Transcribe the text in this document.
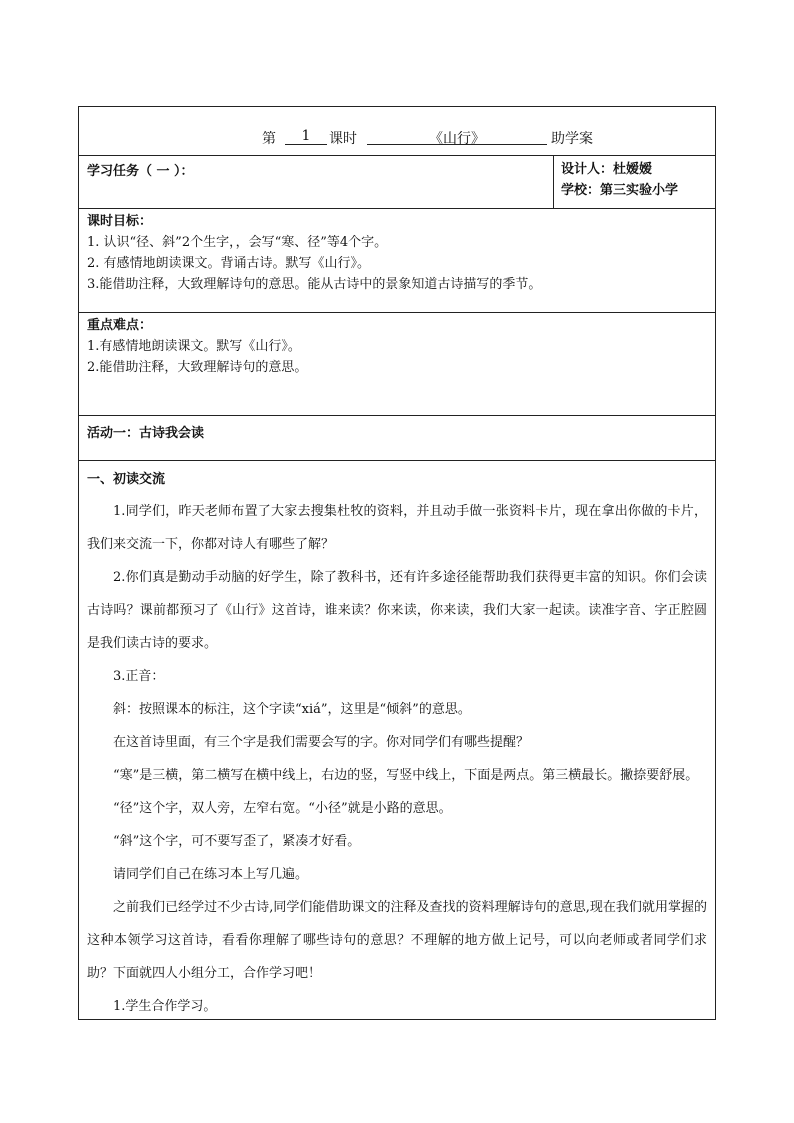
第	1	课时	《山行》	助学案
学习任务（ 一 ）：	设计人：杜嫒嫒
学校：第三实验小学
课时目标：
1. 认识“径、斜”2个生字，，会写“寒、径”等4个字。
2. 有感情地朗读课文。背诵古诗。默写《山行》。
3.能借助注释，大致理解诗句的意思。能从古诗中的景象知道古诗描写的季节。
重点难点：
1.有感情地朗读课文。默写《山行》。
2.能借助注释，大致理解诗句的意思。
活动一：古诗我会读
一、初读交流

1.同学们，昨天老师布置了大家去搜集杜牧的资料，并且动手做一张资料卡片，现在拿出你做的卡片，我们来交流一下，你都对诗人有哪些了解？

2.你们真是勤动手动脑的好学生，除了教科书，还有许多途径能帮助我们获得更丰富的知识。你们会读古诗吗？课前都预习了《山行》这首诗，谁来读？你来读，你来读，我们大家一起读。读准字音、字正腔圆是我们读古诗的要求。

3.正音：

斜：按照课本的标注，这个字读“xiá”，这里是“倾斜”的意思。

在这首诗里面，有三个字是我们需要会写的字。你对同学们有哪些提醒？

“寒”是三横，第二横写在横中线上，右边的竖，写竖中线上，下面是两点。第三横最长。撇捺要舒展。

“径”这个字，双人旁，左窄右宽。“小径”就是小路的意思。

“斜”这个字，可不要写歪了，紧凑才好看。

请同学们自己在练习本上写几遍。

之前我们已经学过不少古诗,同学们能借助课文的注释及查找的资料理解诗句的意思,现在我们就用掌握的这种本领学习这首诗，看看你理解了哪些诗句的意思？不理解的地方做上记号，可以向老师或者同学们求助？下面就四人小组分工，合作学习吧！

1.学生合作学习。
